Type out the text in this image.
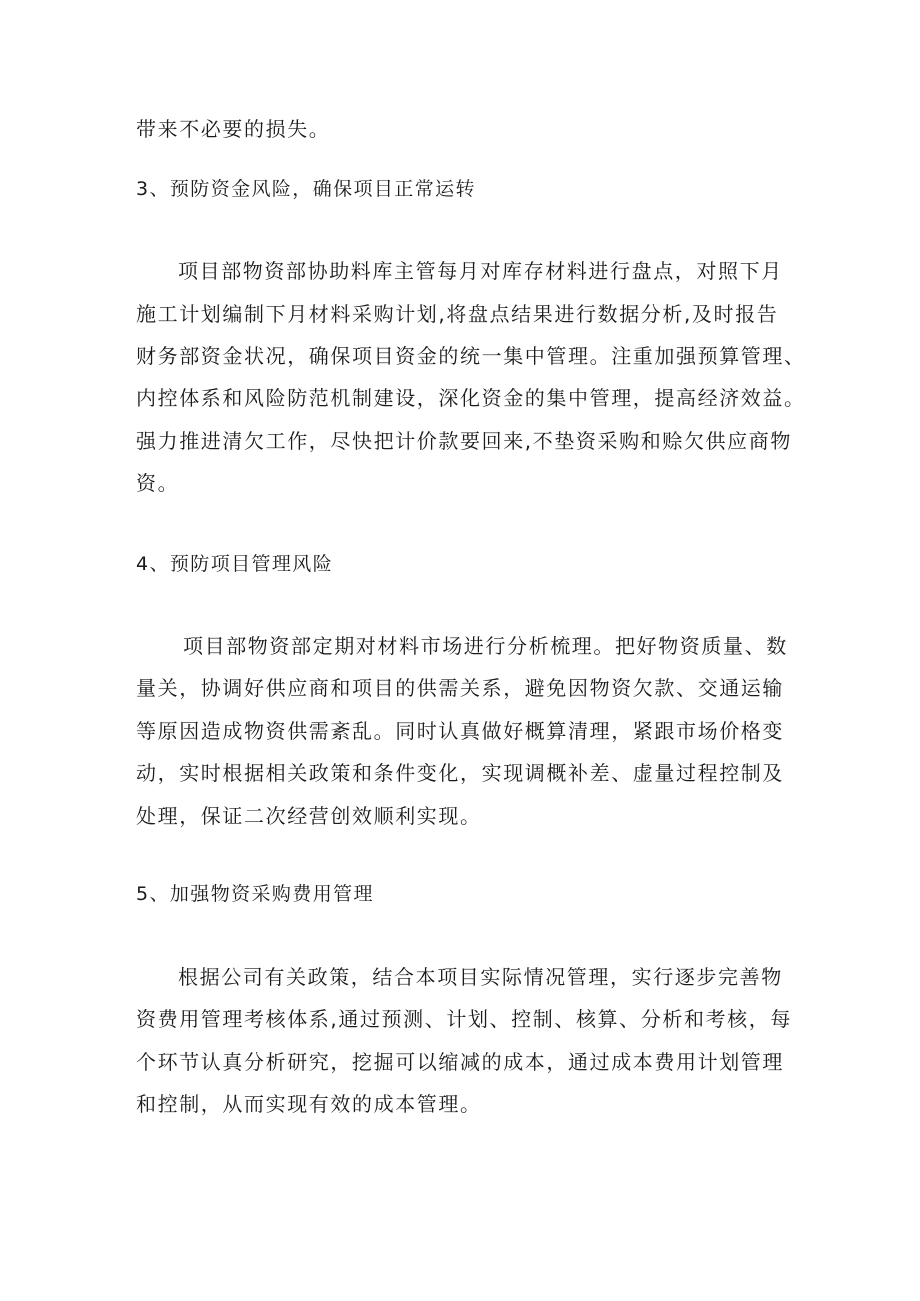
带来不必要的损失。
3、预防资金风险，确保项目正常运转
项目部物资部协助料库主管每月对库存材料进行盘点，对照下月
施工计划编制下月材料采购计划,将盘点结果进行数据分析,及时报告
财务部资金状况，确保项目资金的统一集中管理。注重加强预算管理、
内控体系和风险防范机制建设，深化资金的集中管理，提高经济效益。
强力推进清欠工作，尽快把计价款要回来,不垫资采购和赊欠供应商物
资。
4、预防项目管理风险
项目部物资部定期对材料市场进行分析梳理。把好物资质量、数
量关，协调好供应商和项目的供需关系，避免因物资欠款、交通运输
等原因造成物资供需紊乱。同时认真做好概算清理，紧跟市场价格变
动，实时根据相关政策和条件变化，实现调概补差、虚量过程控制及
处理，保证二次经营创效顺利实现。
5、加强物资采购费用管理
根据公司有关政策，结合本项目实际情况管理，实行逐步完善物
资费用管理考核体系,通过预测、计划、控制、核算、分析和考核，每
个环节认真分析研究，挖掘可以缩减的成本，通过成本费用计划管理
和控制，从而实现有效的成本管理。
